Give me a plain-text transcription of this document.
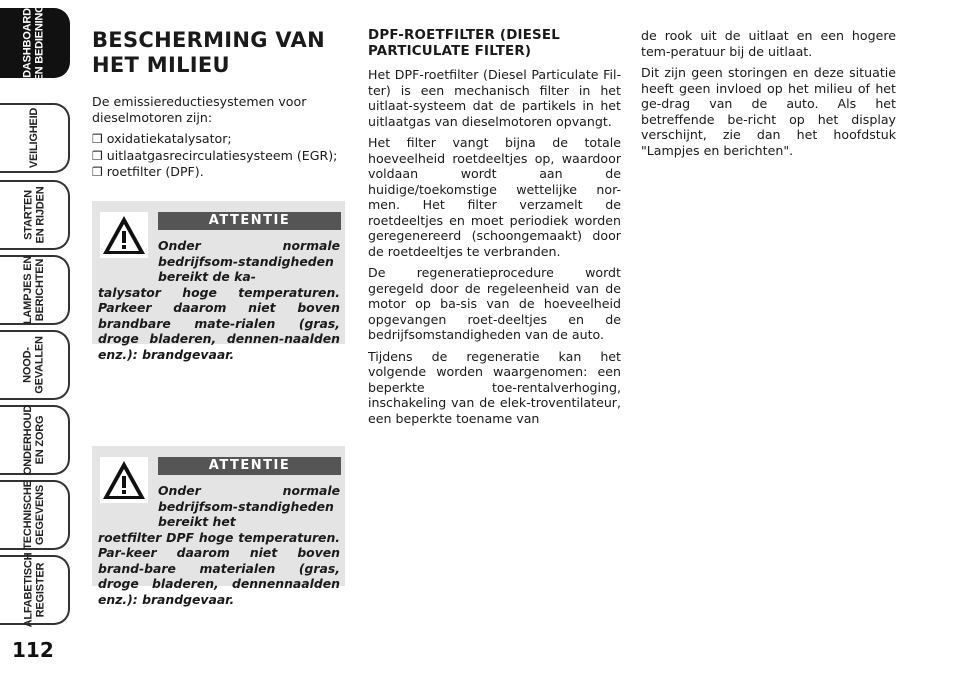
DASHBOARD
EN BEDIENING
VEILIGHEID
STARTEN
EN RIJDEN
LAMPJES EN
BERICHTEN
NOOD-
GEVALLEN
ONDERHOUD
EN ZORG
TECHNISCHE
GEGEVENS
ALFABETISCH
REGISTER
112
BESCHERMING VAN
HET MILIEU

De emissiereductiesystemen voor dieselmotoren zijn:

❒ oxidatiekatalysator;
❒ uitlaatgasrecirculatiesysteem (EGR);
❒ roetfilter (DPF).
ATTENTIE
Onder normale bedrijfsom-standigheden bereikt de ka-
talysator hoge temperaturen. Parkeer daarom niet boven brandbare mate-rialen (gras, droge bladeren, dennen-naalden enz.): brandgevaar.
ATTENTIE
Onder normale bedrijfsom-standigheden bereikt het
roetfilter DPF hoge temperaturen. Par-keer daarom niet boven brand-bare materialen (gras, droge bladeren, dennennaalden enz.): brandgevaar.
DPF-ROETFILTER (DIESEL PARTICULATE FILTER)

Het DPF-roetfilter (Diesel Particulate Fil-ter) is een mechanisch filter in het uitlaat-systeem dat de partikels in het uitlaatgas van dieselmotoren opvangt.

Het filter vangt bijna de totale hoeveelheid roetdeeltjes op, waardoor voldaan wordt aan de huidige/toekomstige wettelijke nor-men. Het filter verzamelt de roetdeeltjes en moet periodiek worden geregenereerd (schoongemaakt) door de roetdeeltjes te verbranden.

De regeneratieprocedure wordt geregeld door de regeleenheid van de motor op ba-sis van de hoeveelheid opgevangen roet-deeltjes en de bedrijfsomstandigheden van de auto.

Tijdens de regeneratie kan het volgende worden waargenomen: een beperkte toe-rentalverhoging, inschakeling van de elek-troventilateur, een beperkte toename van

de rook uit de uitlaat en een hogere tem-peratuur bij de uitlaat.

Dit zijn geen storingen en deze situatie heeft geen invloed op het milieu of het ge-drag van de auto. Als het betreffende be-richt op het display verschijnt, zie dan het hoofdstuk "Lampjes en berichten".
